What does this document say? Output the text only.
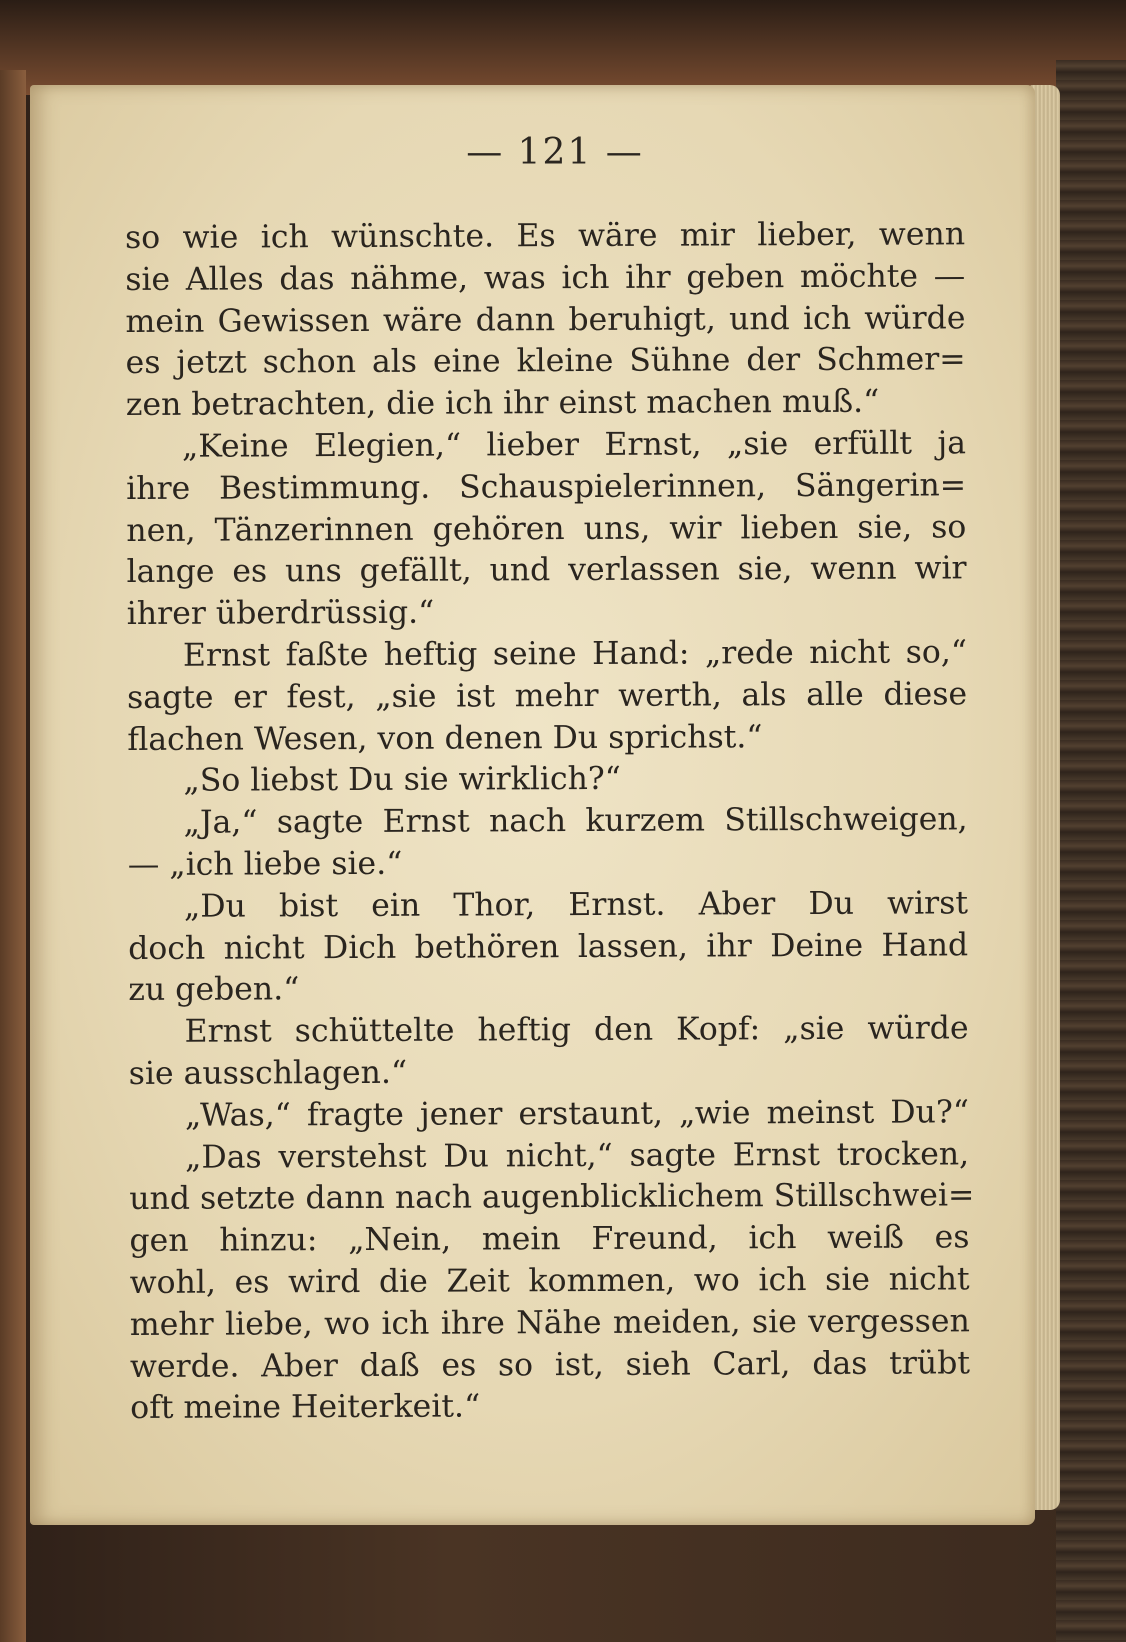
— 121 —
so wie ich wünschte. Es wäre mir lieber, wenn
sie Alles das nähme, was ich ihr geben möchte —
mein Gewissen wäre dann beruhigt, und ich würde
es jetzt schon als eine kleine Sühne der Schmer=
zen betrachten, die ich ihr einst machen muß.“
„Keine Elegien,“ lieber Ernst, „sie erfüllt ja
ihre Bestimmung. Schauspielerinnen, Sängerin=
nen, Tänzerinnen gehören uns, wir lieben sie, so
lange es uns gefällt, und verlassen sie, wenn wir
ihrer überdrüssig.“
Ernst faßte heftig seine Hand: „rede nicht so,“
sagte er fest, „sie ist mehr werth, als alle diese
flachen Wesen, von denen Du sprichst.“
„So liebst Du sie wirklich?“
„Ja,“ sagte Ernst nach kurzem Stillschweigen,
— „ich liebe sie.“
„Du bist ein Thor, Ernst. Aber Du wirst
doch nicht Dich bethören lassen, ihr Deine Hand
zu geben.“
Ernst schüttelte heftig den Kopf: „sie würde
sie ausschlagen.“
„Was,“ fragte jener erstaunt, „wie meinst Du?“
„Das verstehst Du nicht,“ sagte Ernst trocken,
und setzte dann nach augenblicklichem Stillschwei=
gen hinzu: „Nein, mein Freund, ich weiß es
wohl, es wird die Zeit kommen, wo ich sie nicht
mehr liebe, wo ich ihre Nähe meiden, sie vergessen
werde. Aber daß es so ist, sieh Carl, das trübt
oft meine Heiterkeit.“
